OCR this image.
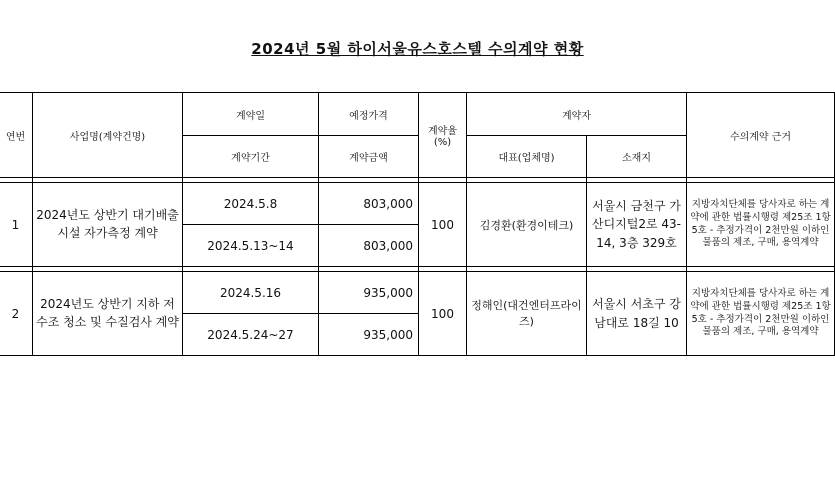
2024년 5월 하이서울유스호스텔 수의계약 현황
연번	사업명(계약건명)	계약일	예정가격	계약율
(%)	계약자		수의계약 근거
		계약기간	계약금액		대표(업체명)	소재지	

1	2024년도 상반기 대기배출시설 자가측정 계약	2024.5.8	803,000	100	김경환(환경이테크)	서울시 금천구 가산디지털2로 43-14, 3층 329호	지방자치단체를 당사자로 하는 계약에 관한 법률시행령 제25조 1항 5호 - 추정가격이 2천만원 이하인 물품의 제조, 구매, 용역계약
		2024.5.13~14	803,000				

2	2024년도 상반기 지하 저수조 청소 및 수질검사 계약	2024.5.16	935,000	100	정해인(대건엔터프라이즈)	서울시 서초구 강남대로 18길 10	지방자치단체를 당사자로 하는 계약에 관한 법률시행령 제25조 1항 5호 - 추정가격이 2천만원 이하인 물품의 제조, 구매, 용역계약
		2024.5.24~27	935,000				
